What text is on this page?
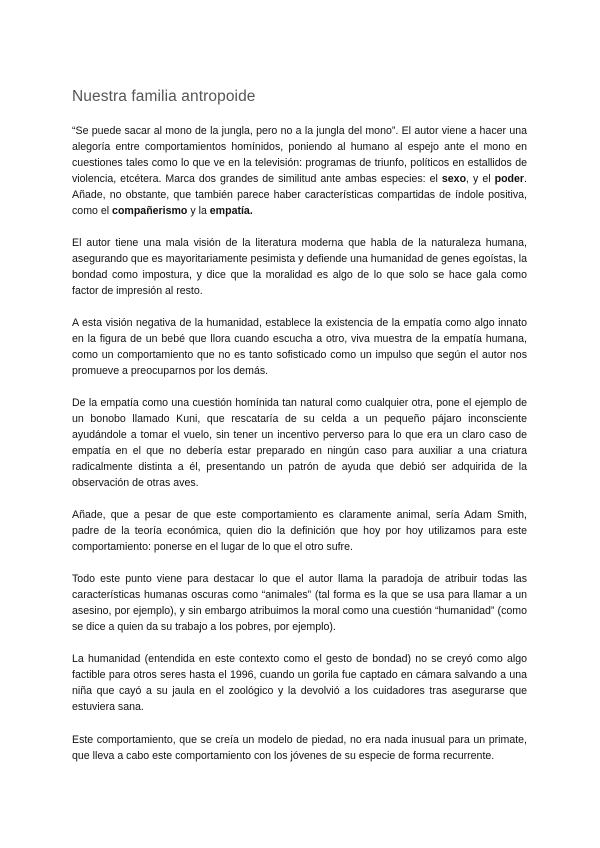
Nuestra familia antropoide

“Se puede sacar al mono de la jungla, pero no a la jungla del mono”. El autor viene a hacer una alegoría entre comportamientos homínidos, poniendo al humano al espejo ante el mono en cuestiones tales como lo que ve en la televisión: programas de triunfo, políticos en estallidos de violencia, etcétera. Marca dos grandes de similitud ante ambas especies: el sexo, y el poder. Añade, no obstante, que también parece haber características compartidas de índole positiva, como el compañerismo y la empatía.

El autor tiene una mala visión de la literatura moderna que habla de la naturaleza humana, asegurando que es mayoritariamente pesimista y defiende una humanidad de genes egoístas, la bondad como impostura, y dice que la moralidad es algo de lo que solo se hace gala como factor de impresión al resto.

A esta visión negativa de la humanidad, establece la existencia de la empatía como algo innato en la figura de un bebé que llora cuando escucha a otro, viva muestra de la empatía humana, como un comportamiento que no es tanto sofisticado como un impulso que según el autor nos promueve a preocuparnos por los demás.

De la empatía como una cuestión homínida tan natural como cualquier otra, pone el ejemplo de un bonobo llamado Kuni, que rescataría de su celda a un pequeño pájaro inconsciente ayudándole a tomar el vuelo, sin tener un incentivo perverso para lo que era un claro caso de empatía en el que no debería estar preparado en ningún caso para auxiliar a una criatura radicalmente distinta a él, presentando un patrón de ayuda que debió ser adquirida de la observación de otras aves.

Añade, que a pesar de que este comportamiento es claramente animal, sería Adam Smith, padre de la teoría económica, quien dio la definición que hoy por hoy utilizamos para este comportamiento: ponerse en el lugar de lo que el otro sufre.

Todo este punto viene para destacar lo que el autor llama la paradoja de atribuir todas las características humanas oscuras como “animales” (tal forma es la que se usa para llamar a un asesino, por ejemplo), y sin embargo atribuimos la moral como una cuestión “humanidad” (como se dice a quien da su trabajo a los pobres, por ejemplo).

La humanidad (entendida en este contexto como el gesto de bondad) no se creyó como algo factible para otros seres hasta el 1996, cuando un gorila fue captado en cámara salvando a una niña que cayó a su jaula en el zoológico y la devolvió a los cuidadores tras asegurarse que estuviera sana.

Este comportamiento, que se creía un modelo de piedad, no era nada inusual para un primate, que lleva a cabo este comportamiento con los jóvenes de su especie de forma recurrente.
